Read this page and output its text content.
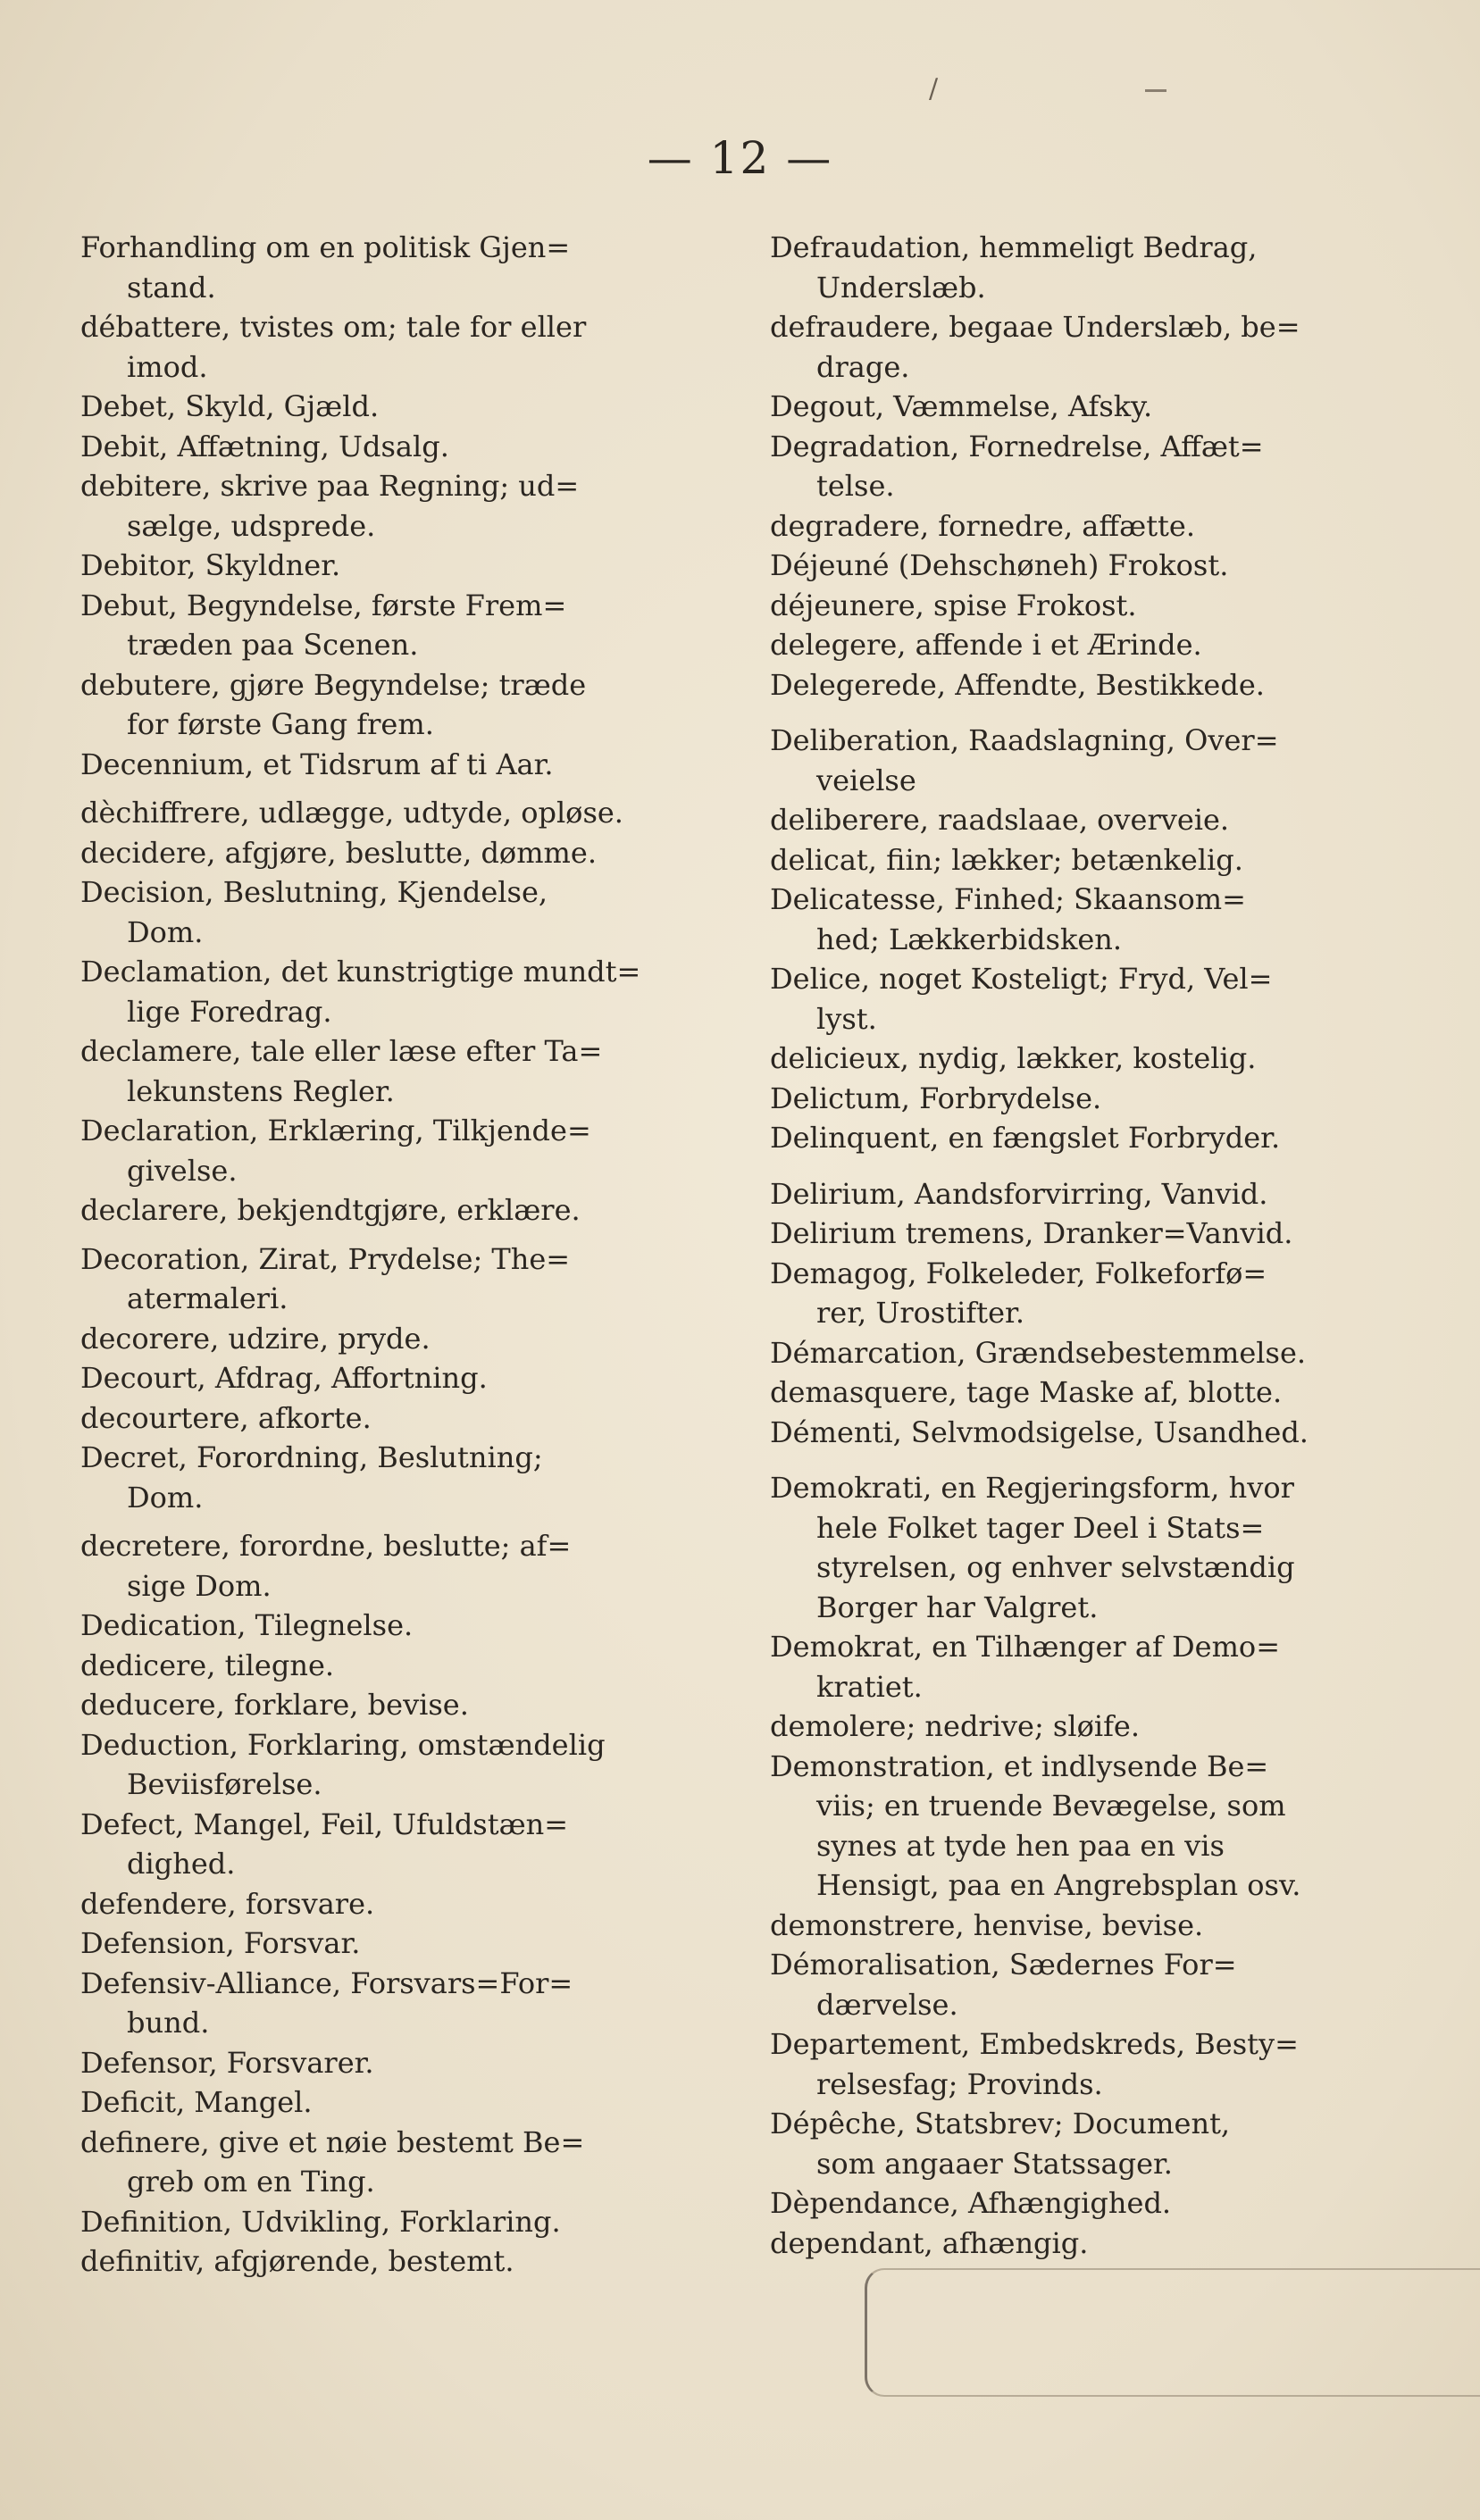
/
— 12 —

Forhandling om en politisk Gjen=
stand.

débattere, tvistes om; tale for eller
imod.

Debet, Skyld, Gjæld.

Debit, Affætning, Udsalg.

debitere, skrive paa Regning; ud=
sælge, udsprede.

Debitor, Skyldner.

Debut, Begyndelse, første Frem=
træden paa Scenen.

debutere, gjøre Begyndelse; træde
for første Gang frem.

Decennium, et Tidsrum af ti Aar.

dèchiffrere, udlægge, udtyde, opløse.

decidere, afgjøre, beslutte, dømme.

Decision, Beslutning, Kjendelse,
Dom.

Declamation, det kunstrigtige mundt=
lige Foredrag.

declamere, tale eller læse efter Ta=
lekunstens Regler.

Declaration, Erklæring, Tilkjende=
givelse.

declarere, bekjendtgjøre, erklære.

Decoration, Zirat, Prydelse; The=
atermaleri.

decorere, udzire, pryde.

Decourt, Afdrag, Affortning.

decourtere, afkorte.

Decret, Forordning, Beslutning;
Dom.

decretere, forordne, beslutte; af=
sige Dom.

Dedication, Tilegnelse.

dedicere, tilegne.

deducere, forklare, bevise.

Deduction, Forklaring, omstændelig
Beviisførelse.

Defect, Mangel, Feil, Ufuldstæn=
dighed.

defendere, forsvare.

Defension, Forsvar.

Defensiv-Alliance, Forsvars=For=
bund.

Defensor, Forsvarer.

Deficit, Mangel.

definere, give et nøie bestemt Be=
greb om en Ting.

Definition, Udvikling, Forklaring.

definitiv, afgjørende, bestemt.

Defraudation, hemmeligt Bedrag,
Underslæb.

defraudere, begaae Underslæb, be=
drage.

Degout, Væmmelse, Afsky.

Degradation, Fornedrelse, Affæt=
telse.

degradere, fornedre, affætte.

Déjeuné (Dehschøneh) Frokost.

déjeunere, spise Frokost.

delegere, affende i et Ærinde.

Delegerede, Affendte, Bestikkede.

Deliberation, Raadslagning, Over=
veielse

deliberere, raadslaae, overveie.

delicat, fiin; lækker; betænkelig.

Delicatesse, Finhed; Skaansom=
hed; Lækkerbidsken.

Delice, noget Kosteligt; Fryd, Vel=
lyst.

delicieux, nydig, lækker, kostelig.

Delictum, Forbrydelse.

Delinquent, en fængslet Forbryder.

Delirium, Aandsforvirring, Vanvid.

Delirium tremens, Dranker=Vanvid.

Demagog, Folkeleder, Folkeforfø=
rer, Urostifter.

Démarcation, Grændsebestemmelse.

demasquere, tage Maske af, blotte.

Démenti, Selvmodsigelse, Usandhed.

Demokrati, en Regjeringsform, hvor
hele Folket tager Deel i Stats=
styrelsen, og enhver selvstændig
Borger har Valgret.

Demokrat, en Tilhænger af Demo=
kratiet.

demolere; nedrive; sløife.

Demonstration, et indlysende Be=
viis; en truende Bevægelse, som
synes at tyde hen paa en vis
Hensigt, paa en Angrebsplan osv.

demonstrere, henvise, bevise.

Démoralisation, Sædernes For=
dærvelse.

Departement, Embedskreds, Besty=
relsesfag; Provinds.

Dépêche, Statsbrev; Document,
som angaaer Statssager.

Dèpendance, Afhængighed.

dependant, afhængig.
